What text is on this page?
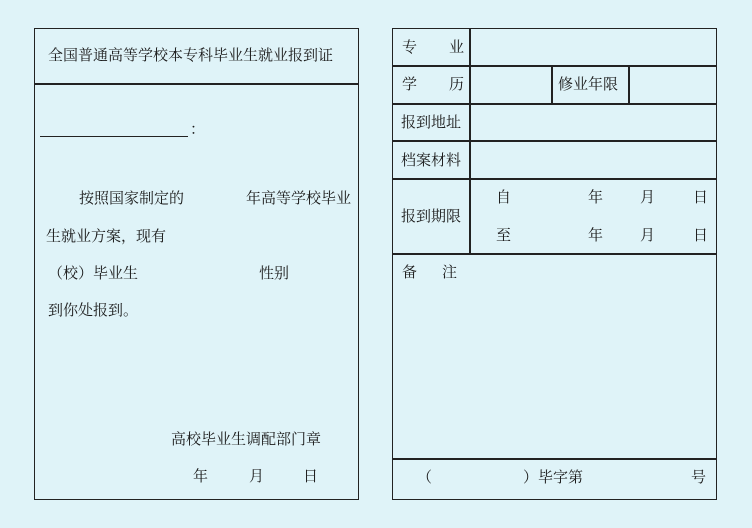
全国普通高等学校本专科毕业生就业报到证
：
按照国家制定的	年高等学校毕业
生就业方案，现有
（校）毕业生	性别
到你处报到。
高校毕业生调配部门章
年	月	日
专 业
学 历	修业年限
报到地址
档案材料
报到期限
自	年 月	日
至	年 月	日
备 注
（	）毕字第	号
